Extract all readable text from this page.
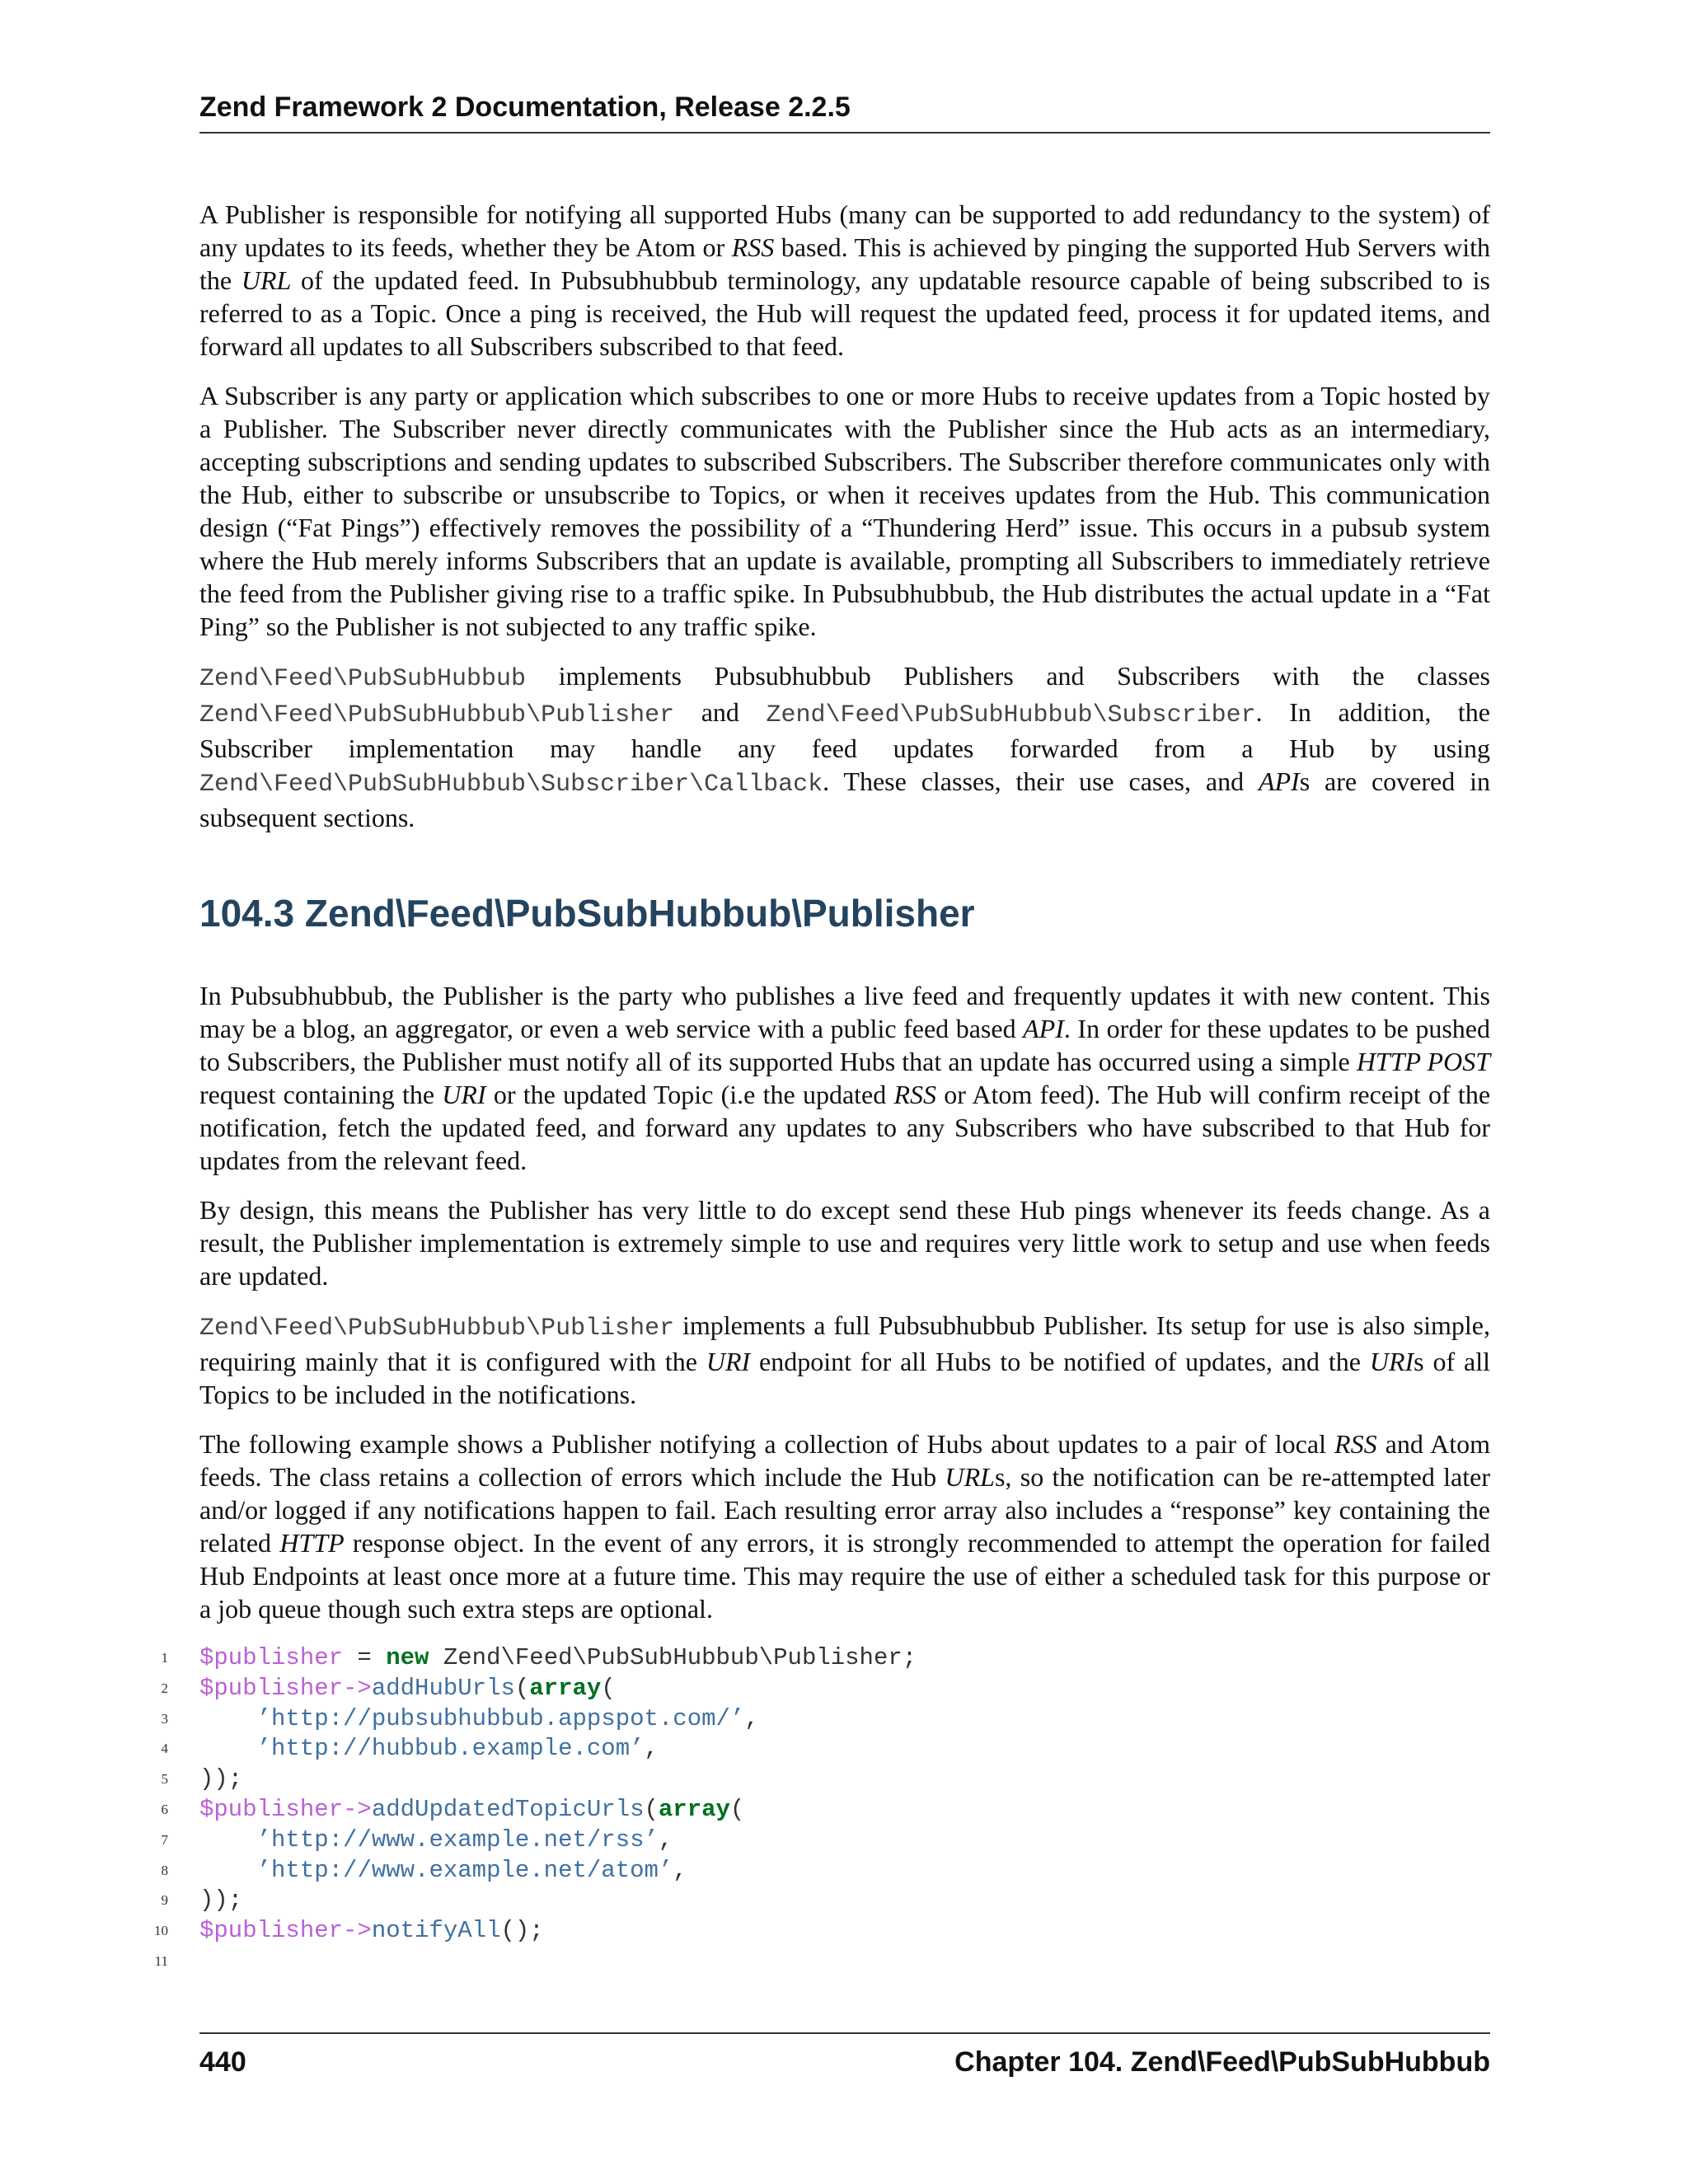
Zend Framework 2 Documentation, Release 2.2.5

A Publisher is responsible for notifying all supported Hubs (many can be supported to add redundancy to the system) of any updates to its feeds, whether they be Atom or RSS based. This is achieved by pinging the supported Hub Servers with the URL of the updated feed. In Pubsubhubbub terminology, any updatable resource capable of being subscribed to is referred to as a Topic. Once a ping is received, the Hub will request the updated feed, process it for updated items, and forward all updates to all Subscribers subscribed to that feed.

A Subscriber is any party or application which subscribes to one or more Hubs to receive updates from a Topic hosted by a Publisher. The Subscriber never directly communicates with the Publisher since the Hub acts as an intermediary, accepting subscriptions and sending updates to subscribed Subscribers. The Subscriber therefore communicates only with the Hub, either to subscribe or unsubscribe to Topics, or when it receives updates from the Hub. This communication design (“Fat Pings”) effectively removes the possibility of a “Thundering Herd” issue. This occurs in a pubsub system where the Hub merely informs Subscribers that an update is available, prompting all Subscribers to immediately retrieve the feed from the Publisher giving rise to a traffic spike. In Pubsubhubbub, the Hub distributes the actual update in a “Fat Ping” so the Publisher is not subjected to any traffic spike.

Zend\Feed\PubSubHubbub implements Pubsubhubbub Publishers and Subscribers with the classes Zend\Feed\PubSubHubbub\Publisher and Zend\Feed\PubSubHubbub\Subscriber. In addition, the Subscriber implementation may handle any feed updates forwarded from a Hub by using Zend\Feed\PubSubHubbub\Subscriber\Callback. These classes, their use cases, and APIs are covered in subsequent sections.

104.3 Zend\Feed\PubSubHubbub\Publisher

In Pubsubhubbub, the Publisher is the party who publishes a live feed and frequently updates it with new content. This may be a blog, an aggregator, or even a web service with a public feed based API. In order for these updates to be pushed to Subscribers, the Publisher must notify all of its supported Hubs that an update has occurred using a simple HTTP POST request containing the URI or the updated Topic (i.e the updated RSS or Atom feed). The Hub will confirm receipt of the notification, fetch the updated feed, and forward any updates to any Subscribers who have subscribed to that Hub for updates from the relevant feed.

By design, this means the Publisher has very little to do except send these Hub pings whenever its feeds change. As a result, the Publisher implementation is extremely simple to use and requires very little work to setup and use when feeds are updated.

Zend\Feed\PubSubHubbub\Publisher implements a full Pubsubhubbub Publisher. Its setup for use is also simple, requiring mainly that it is configured with the URI endpoint for all Hubs to be notified of updates, and the URIs of all Topics to be included in the notifications.

The following example shows a Publisher notifying a collection of Hubs about updates to a pair of local RSS and Atom feeds. The class retains a collection of errors which include the Hub URLs, so the notification can be re-attempted later and/or logged if any notifications happen to fail. Each resulting error array also includes a “response” key containing the related HTTP response object. In the event of any errors, it is strongly recommended to attempt the operation for failed Hub Endpoints at least once more at a future time. This may require the use of either a scheduled task for this purpose or a job queue though such extra steps are optional.

1 $publisher = new Zend\Feed\PubSubHubbub\Publisher;
2 $publisher->addHubUrls(array(
3	’http://pubsubhubbub.appspot.com/’,
4	’http://hubbub.example.com’,
5 ));
6 $publisher->addUpdatedTopicUrls(array(
7	’http://www.example.net/rss’,
8	’http://www.example.net/atom’,
9 ));
10 $publisher->notifyAll();
11
440	Chapter 104. Zend\Feed\PubSubHubbub
